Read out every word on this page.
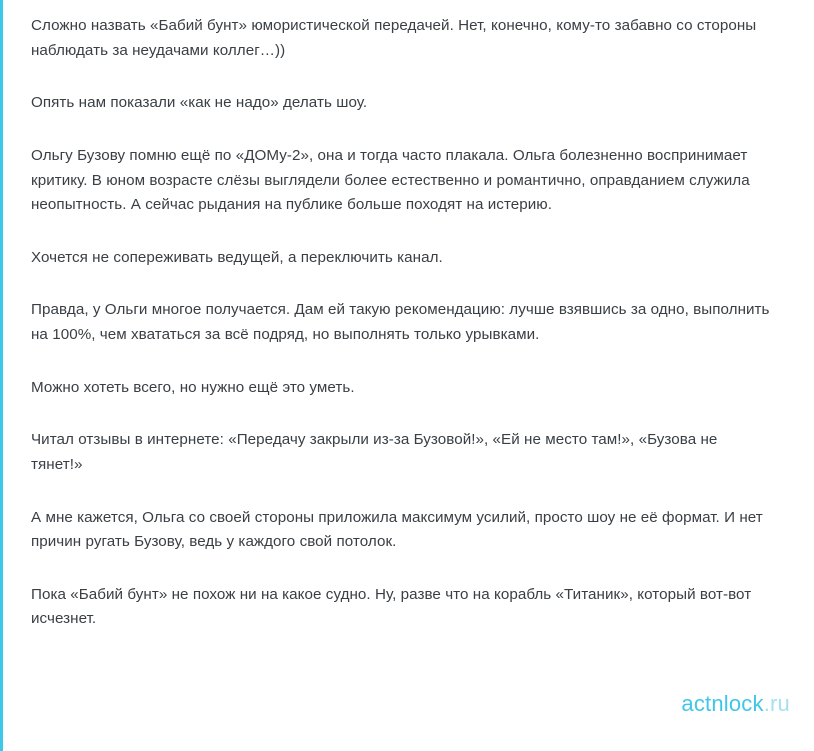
Сложно назвать «Бабий бунт» юмористической передачей. Нет, конечно, кому-то забавно со стороны наблюдать за неудачами коллег…))

Опять нам показали «как не надо» делать шоу.

Ольгу Бузову помню ещё по «ДОМу-2», она и тогда часто плакала. Ольга болезненно воспринимает критику. В юном возрасте слёзы выглядели более естественно и романтично, оправданием служила неопытность. А сейчас рыдания на публике больше походят на истерию.

Хочется не сопереживать ведущей, а переключить канал.

Правда, у Ольги многое получается. Дам ей такую рекомендацию: лучше взявшись за одно, выполнить на 100%, чем хвататься за всё подряд, но выполнять только урывками.

Можно хотеть всего, но нужно ещё это уметь.

Читал отзывы в интернете: «Передачу закрыли из-за Бузовой!», «Ей не место там!», «Бузова не тянет!»

А мне кажется, Ольга со своей стороны приложила максимум усилий, просто шоу не её формат. И нет причин ругать Бузову, ведь у каждого свой потолок.

Пока «Бабий бунт» не похож ни на какое судно. Ну, разве что на корабль «Титаник», который вот-вот исчезнет.

actnlock.ru
